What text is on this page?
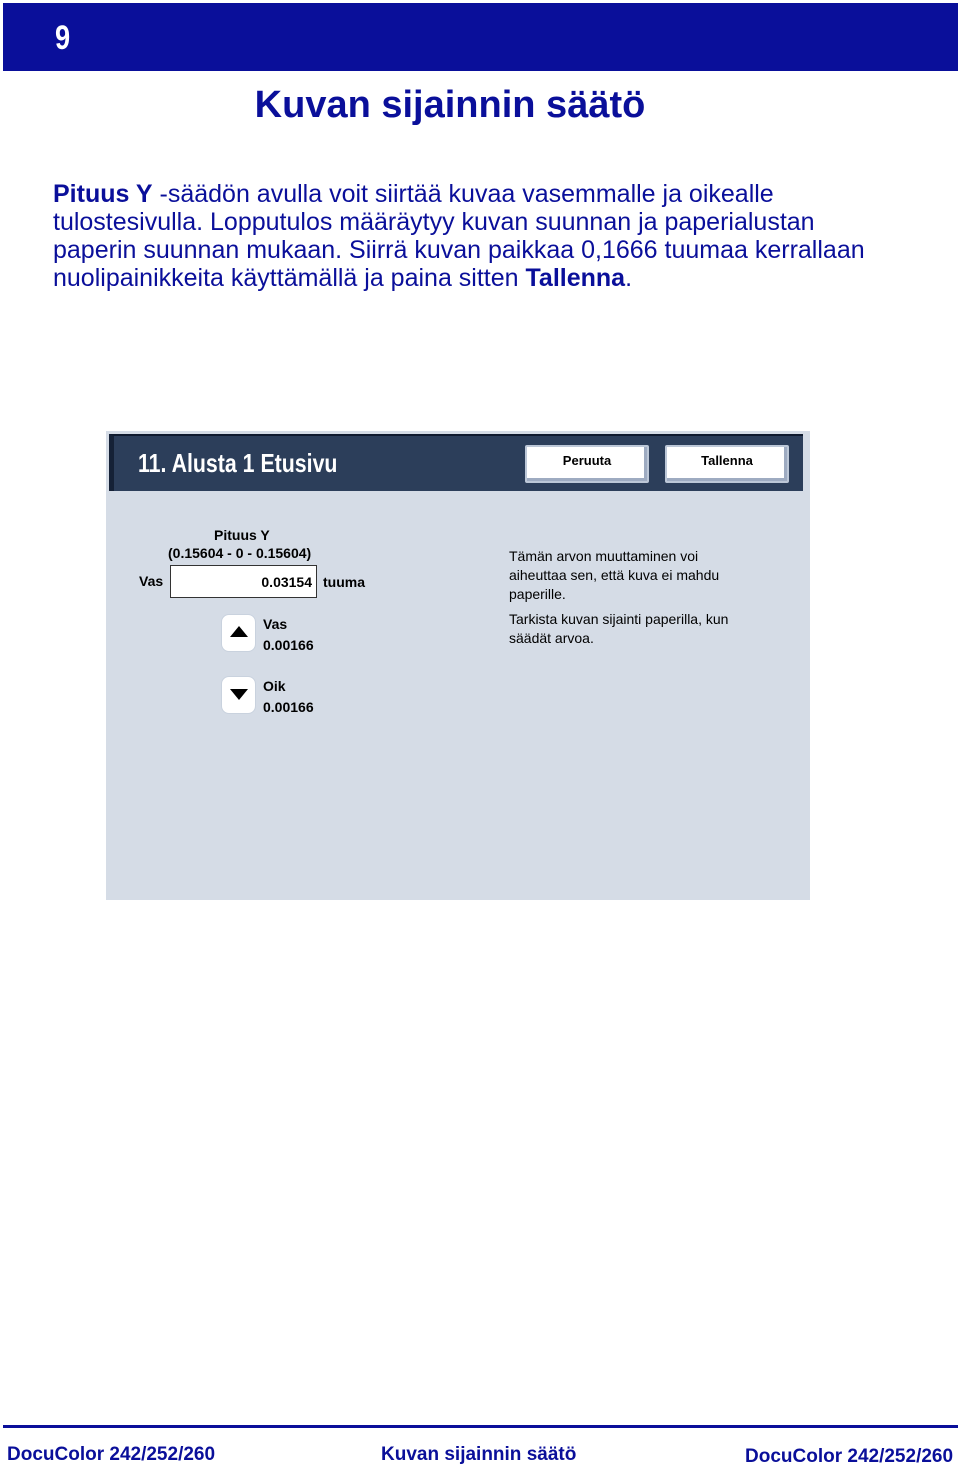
9
Kuvan sijainnin säätö
Pituus Y -säädön avulla voit siirtää kuvaa vasemmalle ja oikealle tulostesivulla. Lopputulos määräytyy kuvan suunnan ja paperialustan paperin suunnan mukaan. Siirrä kuvan paikkaa 0,1666 tuumaa kerrallaan nuolipainikkeita käyttämällä ja paina sitten Tallenna.
11. Alusta 1 Etusivu	Peruuta	Tallenna
Pituus Y
(0.15604 - 0 - 0.15604)
Vas	0.03154 tuuma
Vas
0.00166
Oik
0.00166
Tämän arvon muuttaminen voi aiheuttaa sen, että kuva ei mahdu paperille.
Tarkista kuvan sijainti paperilla, kun säädät arvoa.
DocuColor 242/252/260	Kuvan sijainnin säätö	DocuColor 242/252/260
